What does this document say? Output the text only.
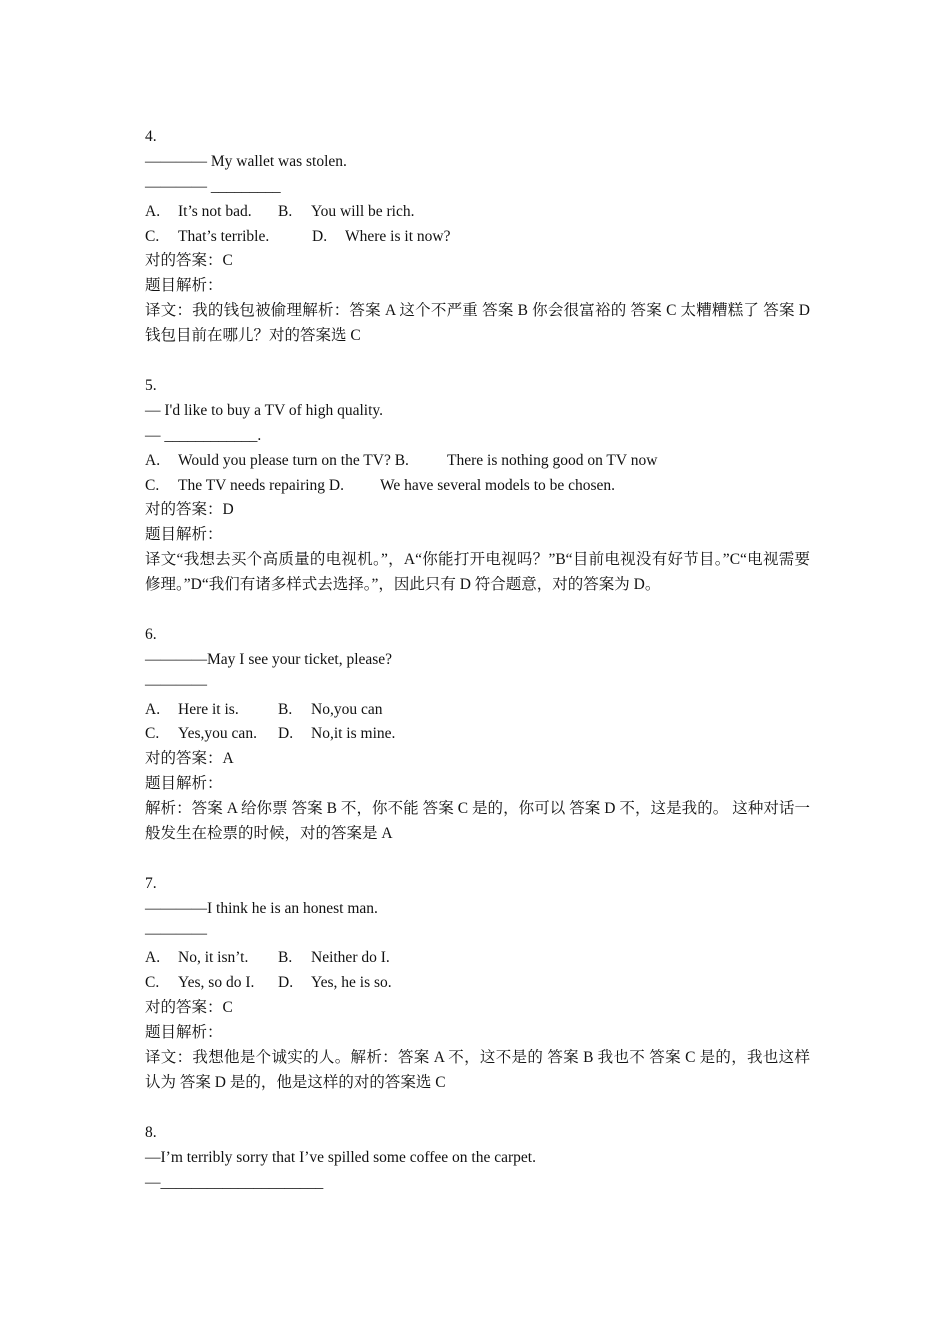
4.
———— My wallet was stolen.
———— _________
A. It’s not bad. B. You will be rich.
C. That’s terrible.	D. Where is it now?
对的答案：C
题目解析：
译文：我的钱包被偷理解析：答案 A 这个不严重 答案 B 你会很富裕的 答案 C 太糟糟糕了 答案 D 钱包目前在哪儿？对的答案选 C
5.
— I'd like to buy a TV of high quality.
— ____________.
A. Would you please turn on the TV? B. There is nothing good on TV now
C. The TV needs repairing D. We have several models to be chosen.
对的答案：D
题目解析：
译文“我想去买个高质量的电视机。”，A“你能打开电视吗？”B“目前电视没有好节目。”C“电视需要修理。”D“我们有诸多样式去选择。”，因此只有 D 符合题意，对的答案为 D。
6.
————May I see your ticket, please?
————
A. Here it is.	B. No,you can
C. Yes,you can. D. No,it is mine.
对的答案：A
题目解析：
解析：答案 A 给你票 答案 B 不，你不能 答案 C 是的，你可以 答案 D 不，这是我的。 这种对话一般发生在检票的时候，对的答案是 A
7.
————I think he is an honest man.
————
A. No, it isn’t. B. Neither do I.
C. Yes, so do I. D. Yes, he is so.
对的答案：C
题目解析：
译文：我想他是个诚实的人。解析：答案 A 不，这不是的 答案 B 我也不 答案 C 是的，我也这样认为 答案 D 是的，他是这样的对的答案选 C
8.
—I’m terribly sorry that I’ve spilled some coffee on the carpet.
—_____________________
